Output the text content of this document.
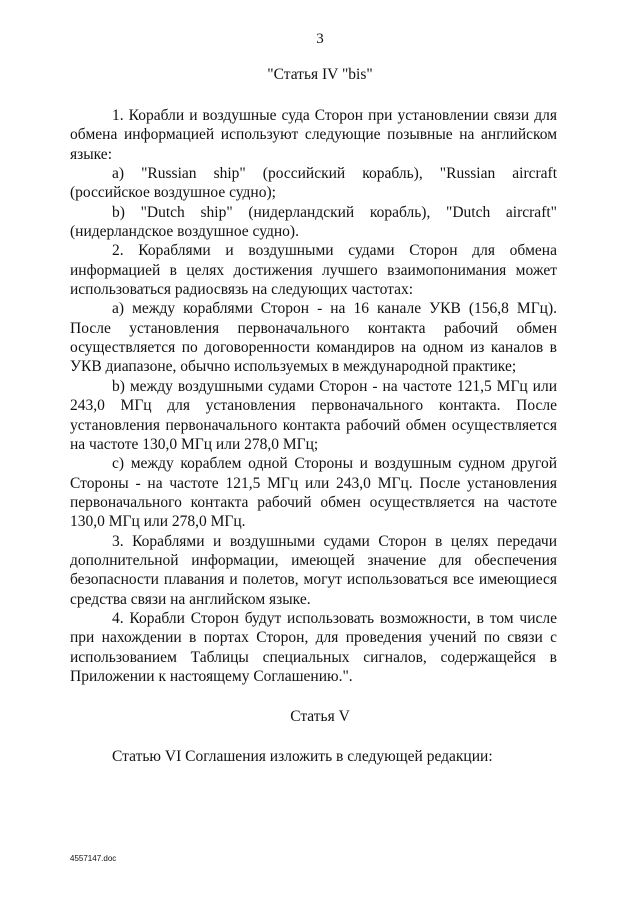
3
"Статья IV "bis"

1. Корабли и воздушные суда Сторон при установлении связи для обмена информацией используют следующие позывные на английском языке:

a) "Russian ship" (российский корабль), "Russian aircraft (российское воздушное судно);

b) "Dutch ship" (нидерландский корабль), "Dutch aircraft" (нидерландское воздушное судно).

2. Кораблями и воздушными судами Сторон для обмена информацией в целях достижения лучшего взаимопонимания может использоваться радиосвязь на следующих частотах:

a) между кораблями Сторон - на 16 канале УКВ (156,8 МГц). После установления первоначального контакта рабочий обмен осуществляется по договоренности командиров на одном из каналов в УКВ диапазоне, обычно используемых в международной практике;

b) между воздушными судами Сторон - на частоте 121,5 МГц или 243,0 МГц для установления первоначального контакта. После установления первоначального контакта рабочий обмен осуществляется на частоте 130,0 МГц или 278,0 МГц;

c) между кораблем одной Стороны и воздушным судном другой Стороны - на частоте 121,5 МГц или 243,0 МГц. После установления первоначального контакта рабочий обмен осуществляется на частоте 130,0 МГц или 278,0 МГц.

3. Кораблями и воздушными судами Сторон в целях передачи дополнительной информации, имеющей значение для обеспечения безопасности плавания и полетов, могут использоваться все имеющиеся средства связи на английском языке.

4. Корабли Сторон будут использовать возможности, в том числе при нахождении в портах Сторон, для проведения учений по связи с использованием Таблицы специальных сигналов, содержащейся в Приложении к настоящему Соглашению.".

Статья V
Статью VI Соглашения изложить в следующей редакции:
4557147.doc
